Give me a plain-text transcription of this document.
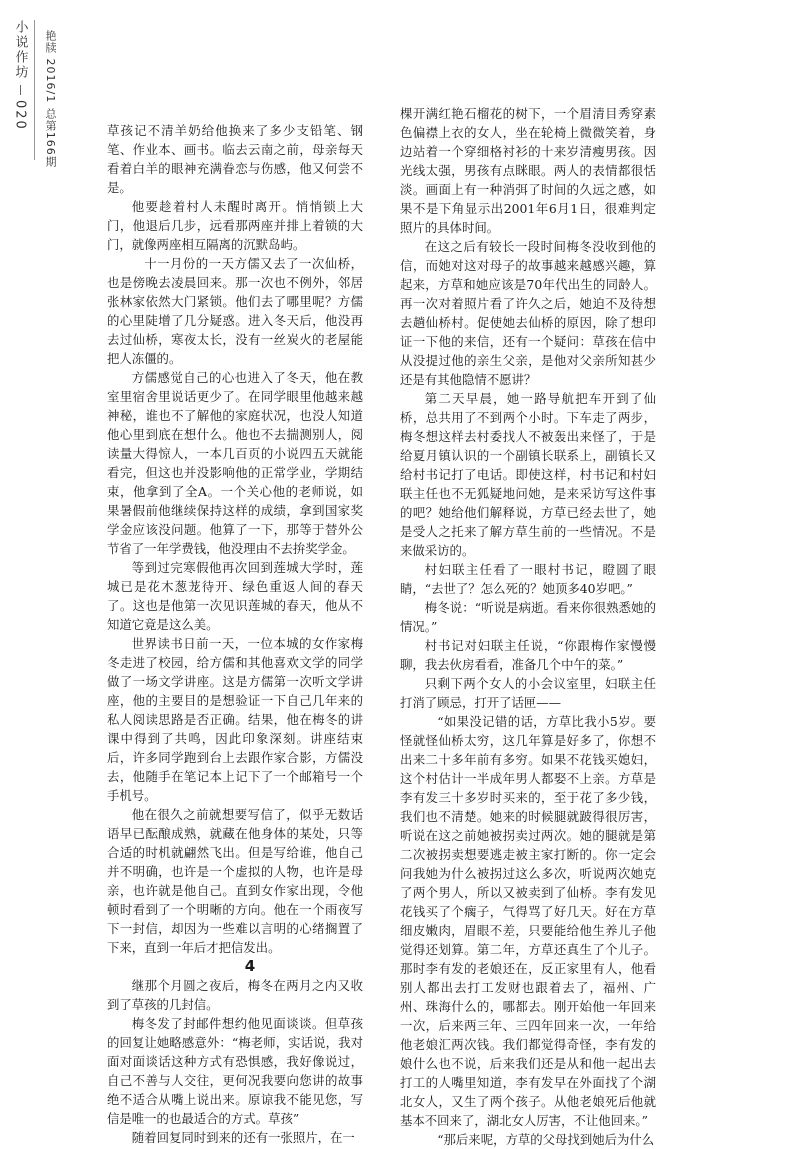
小说作坊
020 艳牍 2016/1 总第166期	草孩记不清羊奶给他换来了多少支铅笔、钢笔、作业本、画书。临去云南之前，母亲每天看着白羊的眼神充满眷恋与伤感，他又何尝不是。

他要趁着村人未醒时离开。悄悄锁上大门，他退后几步，远看那两座并排上着锁的大门，就像两座相互隔离的沉默岛屿。

十一月份的一天方儒又去了一次仙桥，也是傍晚去凌晨回来。那一次也不例外，邻居张林家依然大门紧锁。他们去了哪里呢？方儒的心里陡增了几分疑惑。进入冬天后，他没再去过仙桥，寒夜太长，没有一丝炭火的老屋能把人冻僵的。

方儒感觉自己的心也进入了冬天，他在教室里宿舍里说话更少了。在同学眼里他越来越神秘，谁也不了解他的家庭状况，也没人知道他心里到底在想什么。他也不去揣测别人，阅读量大得惊人，一本几百页的小说四五天就能看完，但这也并没影响他的正常学业，学期结束，他拿到了全A。一个关心他的老师说，如果暑假前他继续保持这样的成绩，拿到国家奖学金应该没问题。他算了一下，那等于替外公节省了一年学费钱，他没理由不去拚奖学金。

等到过完寒假他再次回到莲城大学时，莲城已是花木葱茏待开、绿色重返人间的春天了。这也是他第一次见识莲城的春天，他从不知道它竟是这么美。

世界读书日前一天，一位本城的女作家梅冬走进了校园，给方儒和其他喜欢文学的同学做了一场文学讲座。这是方儒第一次听文学讲座，他的主要目的是想验证一下自己几年来的私人阅读思路是否正确。结果，他在梅冬的讲课中得到了共鸣，因此印象深刻。讲座结束后，许多同学跑到台上去跟作家合影，方儒没去，他随手在笔记本上记下了一个邮箱号一个手机号。

他在很久之前就想要写信了，似乎无数话语早已酝酿成熟，就藏在他身体的某处，只等合适的时机就翩然飞出。但是写给谁，他自己并不明确，也许是一个虚拟的人物，也许是母亲，也许就是他自己。直到女作家出现，令他顿时看到了一个明晰的方向。他在一个雨夜写下一封信，却因为一些难以言明的心绪搁置了下来，直到一年后才把信发出。

4

继那个月圆之夜后，梅冬在两月之内又收到了草孩的几封信。

梅冬发了封邮件想约他见面谈谈。但草孩的回复让她略感意外：“梅老师，实话说，我对面对面谈话这种方式有恐惧感，我好像说过，自己不善与人交往，更何况我要向您讲的故事绝不适合从嘴上说出来。原谅我不能见您，写信是唯一的也最适合的方式。草孩”

随着回复同时到来的还有一张照片，在一

棵开满红艳石榴花的树下，一个眉清目秀穿素色偏襟上衣的女人，坐在轮椅上微微笑着，身边站着一个穿细格衬衫的十来岁清瘦男孩。因光线太强，男孩有点眯眼。两人的表情都很恬淡。画面上有一种消弭了时间的久远之感，如果不是下角显示出2001年6月1日，很难判定照片的具体时间。

在这之后有较长一段时间梅冬没收到他的信，而她对这对母子的故事越来越感兴趣，算起来，方草和她应该是70年代出生的同龄人。再一次对着照片看了许久之后，她迫不及待想去趟仙桥村。促使她去仙桥的原因，除了想印证一下他的来信，还有一个疑问：草孩在信中从没提过他的亲生父亲，是他对父亲所知甚少还是有其他隐情不愿讲？

第二天早晨，她一路导航把车开到了仙桥，总共用了不到两个小时。下车走了两步，梅冬想这样去村委找人不被轰出来怪了，于是给夏月镇认识的一个副镇长联系上，副镇长又给村书记打了电话。即使这样，村书记和村妇联主任也不无狐疑地问她，是来采访写这件事的吧？她给他们解释说，方草已经去世了，她是受人之托来了解方草生前的一些情况。不是来做采访的。

村妇联主任看了一眼村书记，瞪圆了眼睛，“去世了？怎么死的？她顶多40岁吧。”

梅冬说：“听说是病逝。看来你很熟悉她的情况。”

村书记对妇联主任说，“你跟梅作家慢慢聊，我去伙房看看，准备几个中午的菜。”

只剩下两个女人的小会议室里，妇联主任打消了顾忌，打开了话匣——

“如果没记错的话，方草比我小5岁。要怪就怪仙桥太穷，这几年算是好多了，你想不出来二十多年前有多穷。如果不花钱买媳妇，这个村估计一半成年男人都娶不上亲。方草是李有发三十多岁时买来的，至于花了多少钱，我们也不清楚。她来的时候腿就跛得很厉害，听说在这之前她被拐卖过两次。她的腿就是第二次被拐卖想要逃走被主家打断的。你一定会问我她为什么被拐过这么多次，听说两次她克了两个男人，所以又被卖到了仙桥。李有发见花钱买了个瘸子，气得骂了好几天。好在方草细皮嫩肉，眉眼不差，只要能给他生养儿子他觉得还划算。第二年，方草还真生了个儿子。那时李有发的老娘还在，反正家里有人，他看别人都出去打工发财也跟着去了，福州、广州、珠海什么的，哪都去。刚开始他一年回来一次，后来两三年、三四年回来一次，一年给他老娘汇两次钱。我们都觉得奇怪，李有发的娘什么也不说，后来我们还是从和他一起出去打工的人嘴里知道，李有发早在外面找了个湖北女人，又生了两个孩子。从他老娘死后他就基本不回来了，湖北女人厉害，不让他回来。”

“那后来呢，方草的父母找到她后为什么
